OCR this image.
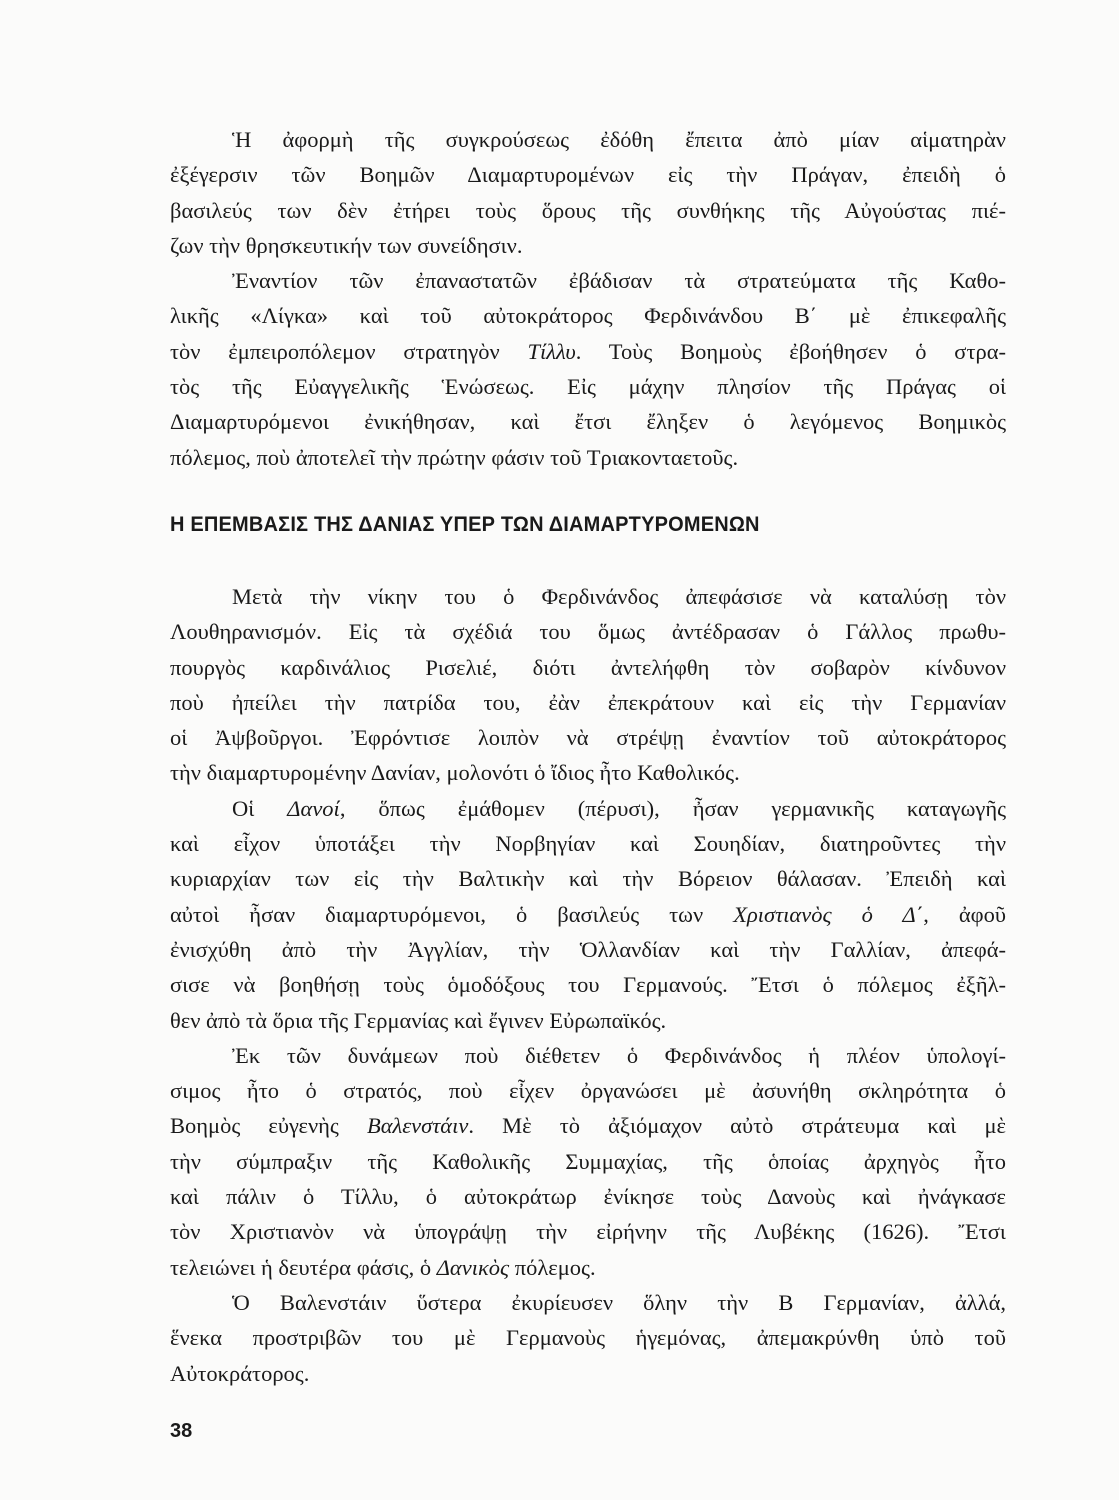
Ἡ ἀφορμὴ τῆς συγκρούσεως ἐδόθη ἔπειτα ἀπὸ μίαν αἱματηρὰν
ἐξέγερσιν τῶν Βοημῶν Διαμαρτυρομένων εἰς τὴν Πράγαν, ἐπειδὴ ὁ
βασιλεύς των δὲν ἐτήρει τοὺς ὅρους τῆς συνθήκης τῆς Αὐγούστας πιέ-
ζων τὴν θρησκευτικήν των συνείδησιν.
Ἐναντίον τῶν ἐπαναστατῶν ἐβάδισαν τὰ στρατεύματα τῆς Καθο-
λικῆς «Λίγκα» καὶ τοῦ αὐτοκράτορος Φερδινάνδου Β΄ μὲ ἐπικεφαλῆς
τὸν ἐμπειροπόλεμον στρατηγὸν Τίλλυ. Τοὺς Βοημοὺς ἐβοήθησεν ὁ στρα-
τὸς τῆς Εὐαγγελικῆς Ἑνώσεως. Εἰς μάχην πλησίον τῆς Πράγας οἱ
Διαμαρτυρόμενοι ἐνικήθησαν, καὶ ἔτσι ἔληξεν ὁ λεγόμενος Βοημικὸς
πόλεμος, ποὺ ἀποτελεῖ τὴν πρώτην φάσιν τοῦ Τριακονταετοῦς.
Η ΕΠΕΜΒΑΣΙΣ ΤΗΣ ΔΑΝΙΑΣ ΥΠΕΡ ΤΩΝ ΔΙΑΜΑΡΤΥΡΟΜΕΝΩΝ
Μετὰ τὴν νίκην του ὁ Φερδινάνδος ἀπεφάσισε νὰ καταλύσῃ τὸν
Λουθηρανισμόν. Εἰς τὰ σχέδιά του ὅμως ἀντέδρασαν ὁ Γάλλος πρωθυ-
πουργὸς καρδινάλιος Ρισελιέ, διότι ἀντελήφθη τὸν σοβαρὸν κίνδυνον
ποὺ ἠπείλει τὴν πατρίδα του, ἐὰν ἐπεκράτουν καὶ εἰς τὴν Γερμανίαν
οἱ Ἀψβοῦργοι. Ἐφρόντισε λοιπὸν νὰ στρέψῃ ἐναντίον τοῦ αὐτοκράτορος
τὴν διαμαρτυρομένην Δανίαν, μολονότι ὁ ἴδιος ἦτο Καθολικός.
Οἱ Δανοί, ὅπως ἐμάθομεν (πέρυσι), ἦσαν γερμανικῆς καταγωγῆς
καὶ εἶχον ὑποτάξει τὴν Νορβηγίαν καὶ Σουηδίαν, διατηροῦντες τὴν
κυριαρχίαν των εἰς τὴν Βαλτικὴν καὶ τὴν Βόρειον θάλασαν. Ἐπειδὴ καὶ
αὐτοὶ ἦσαν διαμαρτυρόμενοι, ὁ βασιλεύς των Χριστιανὸς ὁ Δ΄, ἀφοῦ
ἐνισχύθη ἀπὸ τὴν Ἀγγλίαν, τὴν Ὁλλανδίαν καὶ τὴν Γαλλίαν, ἀπεφά-
σισε νὰ βοηθήσῃ τοὺς ὁμοδόξους του Γερμανούς. Ἔτσι ὁ πόλεμος ἐξῆλ-
θεν ἀπὸ τὰ ὅρια τῆς Γερμανίας καὶ ἔγινεν Εὐρωπαϊκός.
Ἐκ τῶν δυνάμεων ποὺ διέθετεν ὁ Φερδινάνδος ἡ πλέον ὑπολογί-
σιμος ἦτο ὁ στρατός, ποὺ εἶχεν ὀργανώσει μὲ ἀσυνήθη σκληρότητα ὁ
Βοημὸς εὐγενὴς Βαλενστάιν. Μὲ τὸ ἀξιόμαχον αὐτὸ στράτευμα καὶ μὲ
τὴν σύμπραξιν τῆς Καθολικῆς Συμμαχίας, τῆς ὁποίας ἀρχηγὸς ἦτο
καὶ πάλιν ὁ Τίλλυ, ὁ αὐτοκράτωρ ἐνίκησε τοὺς Δανοὺς καὶ ἠνάγκασε
τὸν Χριστιανὸν νὰ ὑπογράψῃ τὴν εἰρήνην τῆς Λυβέκης (1626). Ἔτσι
τελειώνει ἡ δευτέρα φάσις, ὁ Δανικὸς πόλεμος.
Ὁ Βαλενστάιν ὕστερα ἐκυρίευσεν ὅλην τὴν Β Γερμανίαν, ἀλλά,
ἕνεκα προστριβῶν του μὲ Γερμανοὺς ἡγεμόνας, ἀπεμακρύνθη ὑπὸ τοῦ
Αὐτοκράτορος.
38
